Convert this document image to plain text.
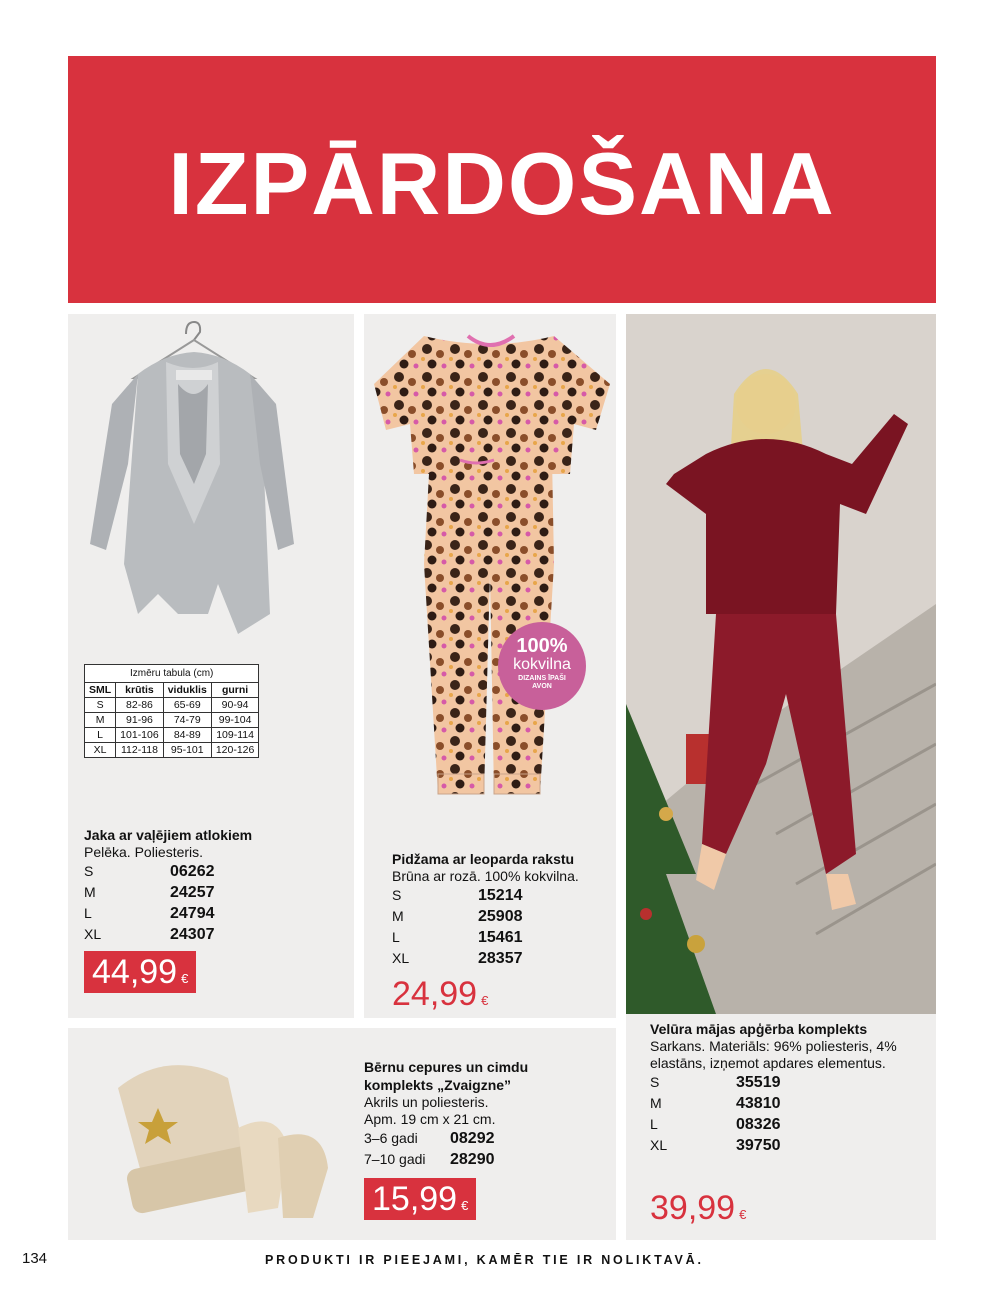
IZPĀRDOŠANA
Izmēru tabula (cm)			
SML	krūtis	viduklis	gurni
S	82-86	65-69	90-94
M	91-96	74-79	99-104
L	101-106	84-89	109-114
XL	112-118	95-101	120-126
Jaka ar vaļējiem atlokiem
Pelēka. Poliesteris.
S	06262
M	24257
L	24794
XL	24307
44,99 €
100%
kokvilna
DIZAINS ĪPAŠI
AVON
Pidžama ar leoparda rakstu
Brūna ar rozā. 100% kokvilna.
S	15214
M	25908
L	15461
XL	28357
24,99 €
Velūra mājas apģērba komplekts
Sarkans. Materiāls: 96% poliesteris, 4% elastāns, izņemot apdares elementus.
S	35519
M	43810
L	08326
XL	39750
39,99 €
Bērnu cepures un cimdu
komplekts „Zvaigzne”
Akrils un poliesteris.
Apm. 19 cm x 21 cm.
3–6 gadi	08292
7–10 gadi	28290
15,99 €
134	PRODUKTI IR PIEEJAMI, KAMĒR TIE IR NOLIKTAVĀ.
